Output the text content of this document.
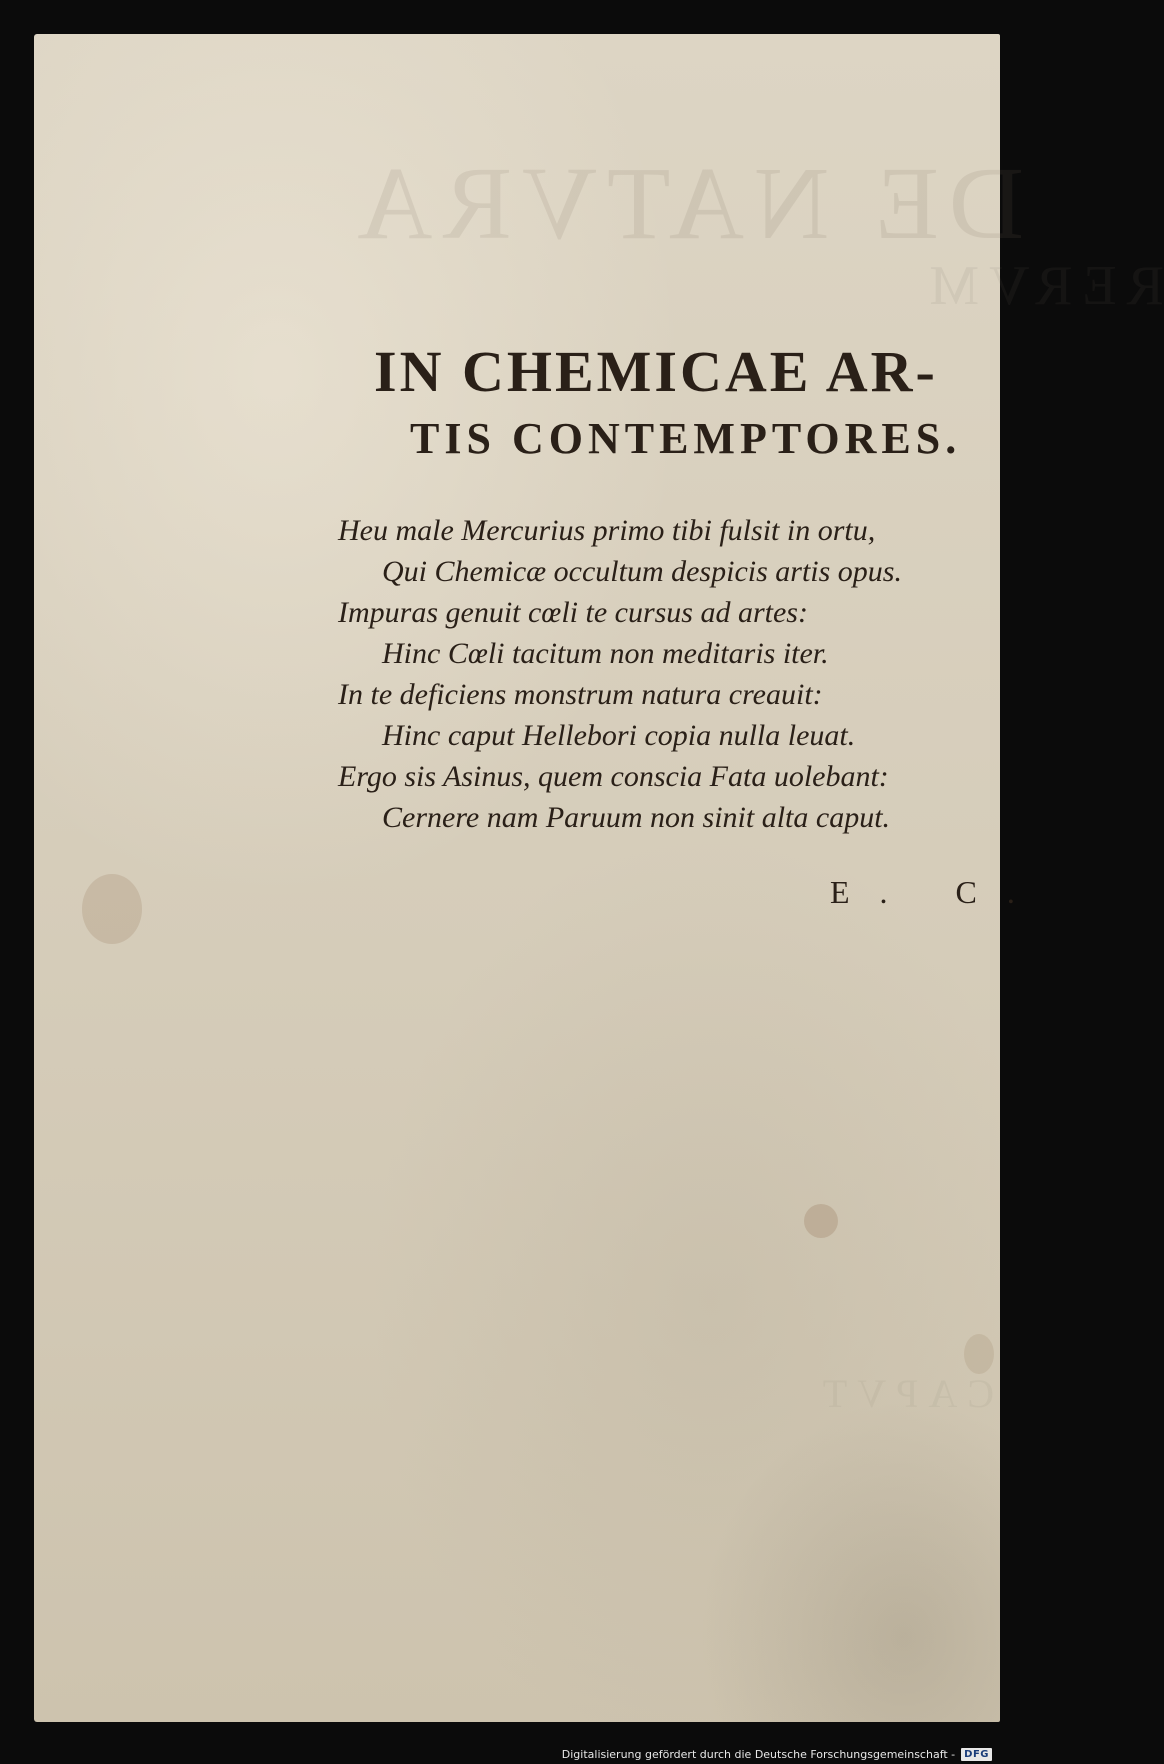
DE NATVRA
RERVM
CAPVT
IN CHEMICAE AR-
TIS CONTEMPTORES.
Heu male Mercurius primo tibi fulsit in ortu,
Qui Chemicæ occultum despicis artis opus.
Impuras genuit cœli te cursus ad artes:
Hinc Cœli tacitum non meditaris iter.
In te deficiens monstrum natura creauit:
Hinc caput Hellebori copia nulla leuat.
Ergo sis Asinus, quem conscia Fata uolebant:
Cernere nam Paruum non sinit alta caput.
E. C.
Digitalisierung gefördert durch die Deutsche Forschungsgemeinschaft - DFG
